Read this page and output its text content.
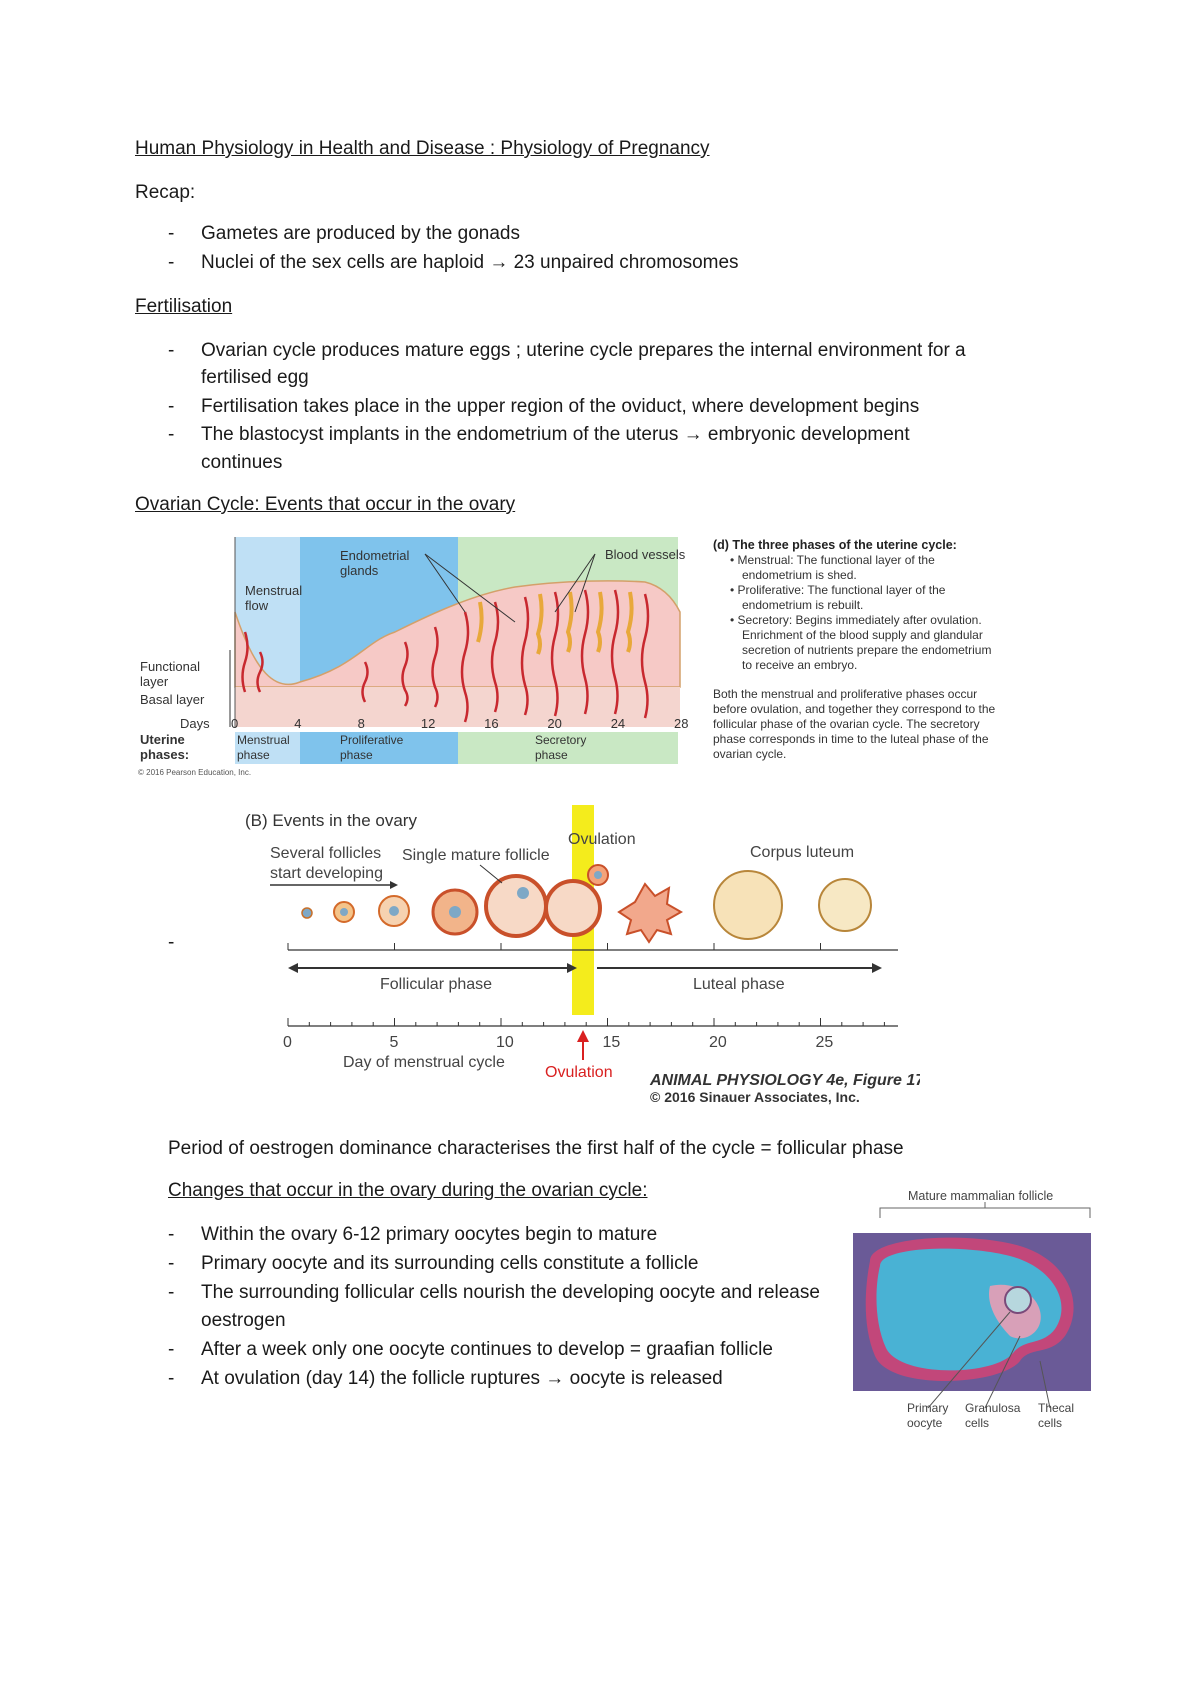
Human Physiology in Health and Disease : Physiology of Pregnancy
Recap:
- Gametes are produced by the gonads
- Nuclei of the sex cells are haploid → 23 unpaired chromosomes
Fertilisation
- Ovarian cycle produces mature eggs ; uterine cycle prepares the internal environment for a
fertilised egg
- Fertilisation takes place in the upper region of the oviduct, where development begins
- The blastocyst implants in the endometrium of the uterus → embryonic development
continues
Ovarian Cycle: Events that occur in the ovary
Endometrial glands
Blood vessels
Menstrual flow
Functional layer
Basal layer
Days 0	4	8	12	16	20	24	28
Uterine phases:
Menstrual phase
Proliferative phase
Secretory phase
© 2016 Pearson Education, Inc.
(d) The three phases of the uterine cycle:
• Menstrual: The functional layer of the endometrium is shed. • Proliferative: The functional layer of the endometrium is rebuilt. • Secretory: Begins immediately after ovulation. Enrichment of the blood supply and glandular secretion of nutrients prepare the endometrium to receive an embryo.
Both the menstrual and proliferative phases occur before ovulation, and together they correspond to the follicular phase of the ovarian cycle. The secretory phase corresponds in time to the luteal phase of the ovarian cycle.
-
(B) Events in the ovary
Several follicles start developing
Single mature follicle
Ovulation
Corpus luteum
Follicular phase	Luteal phase
0	5	10	15	20	25
Day of menstrual cycle
Ovulation ANIMAL PHYSIOLOGY 4e, Figure 17.11
© 2016 Sinauer Associates, Inc.
Period of oestrogen dominance characterises the first half of the cycle = follicular phase
Changes that occur in the ovary during the ovarian cycle:
- Within the ovary 6-12 primary oocytes begin to mature
- Primary oocyte and its surrounding cells constitute a follicle
- The surrounding follicular cells nourish the developing oocyte and release
oestrogen
- After a week only one oocyte continues to develop = graafian follicle
- At ovulation (day 14) the follicle ruptures → oocyte is released
Mature mammalian follicle
Primary oocyte
Granulosa cells
Thecal cells
